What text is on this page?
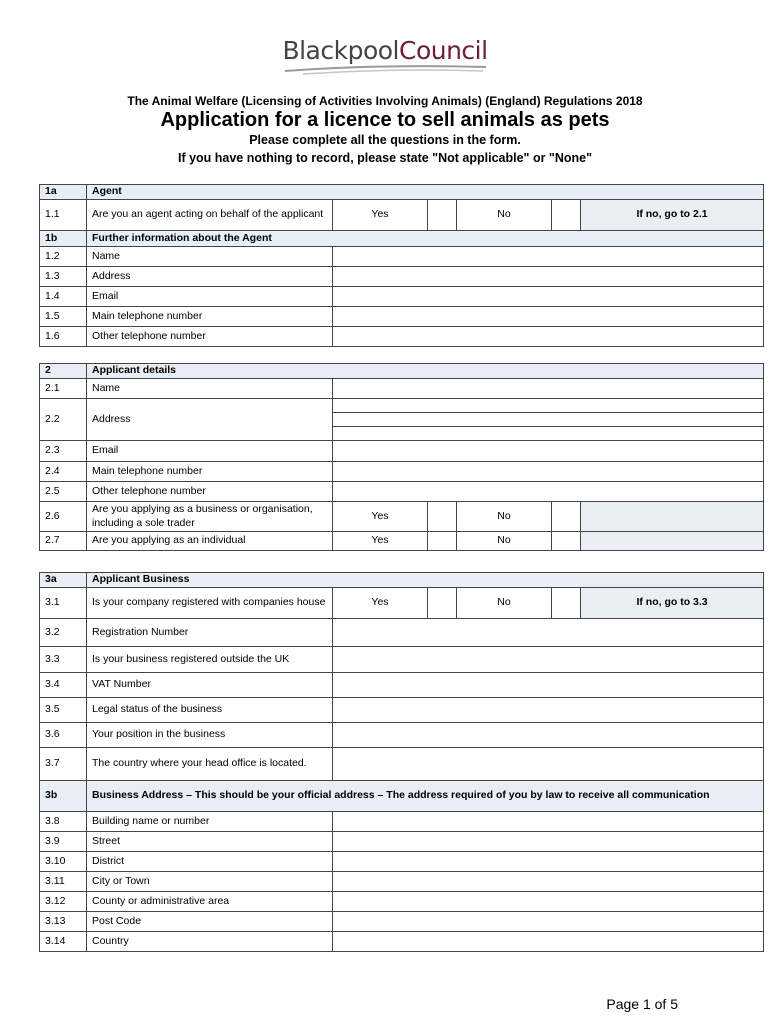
BlackpoolCouncil
The Animal Welfare (Licensing of Activities Involving Animals) (England) Regulations 2018
Application for a licence to sell animals as pets
Please complete all the questions in the form.
If you have nothing to record, please state "Not applicable" or "None"
1a	Agent					
1.1	Are you an agent acting on behalf of the applicant	Yes		No		If no, go to 2.1
1b	Further information about the Agent					
1.2	Name					
1.3	Address					
1.4	Email					
1.5	Main telephone number					
1.6	Other telephone number					
2	Applicant details					
2.1	Name					
2.2	Address					

2.3	Email					
2.4	Main telephone number					
2.5	Other telephone number					
2.6	Are you applying as a business or organisation, including a sole trader	Yes		No		
2.7	Are you applying as an individual	Yes		No		
3a	Applicant Business					
3.1	Is your company registered with companies house	Yes		No		If no, go to 3.3
3.2	Registration Number					
3.3	Is your business registered outside the UK					
3.4	VAT Number					
3.5	Legal status of the business					
3.6	Your position in the business					
3.7	The country where your head office is located.					
3b	Business Address – This should be your official address – The address required of you by law to receive all communication					
3.8	Building name or number					
3.9	Street					
3.10	District					
3.11	City or Town					
3.12	County or administrative area					
3.13	Post Code					
3.14	Country					
Page 1 of 5
